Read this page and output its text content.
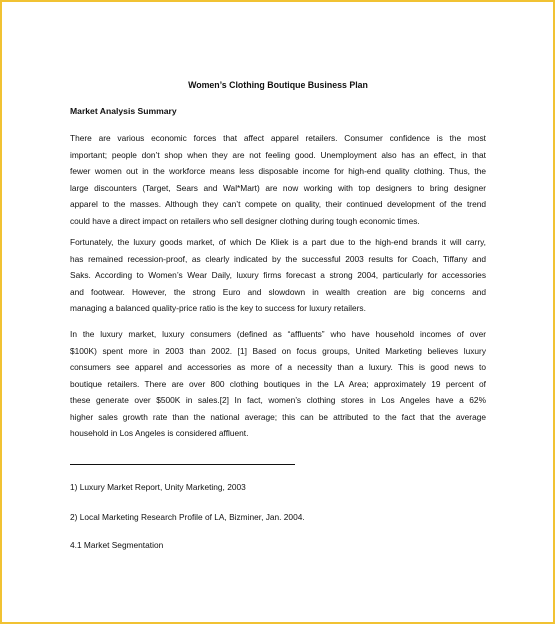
Women’s Clothing Boutique Business Plan
Market Analysis Summary
There are various economic forces that affect apparel retailers. Consumer confidence is the most
important; people don’t shop when they are not feeling good. Unemployment also has an effect, in that
fewer women out in the workforce means less disposable income for high-end quality clothing. Thus, the
large discounters (Target, Sears and Wal*Mart) are now working with top designers to bring designer
apparel to the masses. Although they can’t compete on quality, their continued development of the trend
could have a direct impact on retailers who sell designer clothing during tough economic times.
Fortunately, the luxury goods market, of which De Kliek is a part due to the high-end brands it will carry,
has remained recession-proof, as clearly indicated by the successful 2003 results for Coach, Tiffany and
Saks. According to Women’s Wear Daily, luxury firms forecast a strong 2004, particularly for accessories
and footwear. However, the strong Euro and slowdown in wealth creation are big concerns and
managing a balanced quality-price ratio is the key to success for luxury retailers.
In the luxury market, luxury consumers (defined as “affluents” who have household incomes of over
$100K) spent more in 2003 than 2002. [1] Based on focus groups, United Marketing believes luxury
consumers see apparel and accessories as more of a necessity than a luxury. This is good news to
boutique retailers. There are over 800 clothing boutiques in the LA Area; approximately 19 percent of
these generate over $500K in sales.[2] In fact, women’s clothing stores in Los Angeles have a 62%
higher sales growth rate than the national average; this can be attributed to the fact that the average
household in Los Angeles is considered affluent.
1) Luxury Market Report, Unity Marketing, 2003
2) Local Marketing Research Profile of LA, Bizminer, Jan. 2004.
4.1 Market Segmentation
